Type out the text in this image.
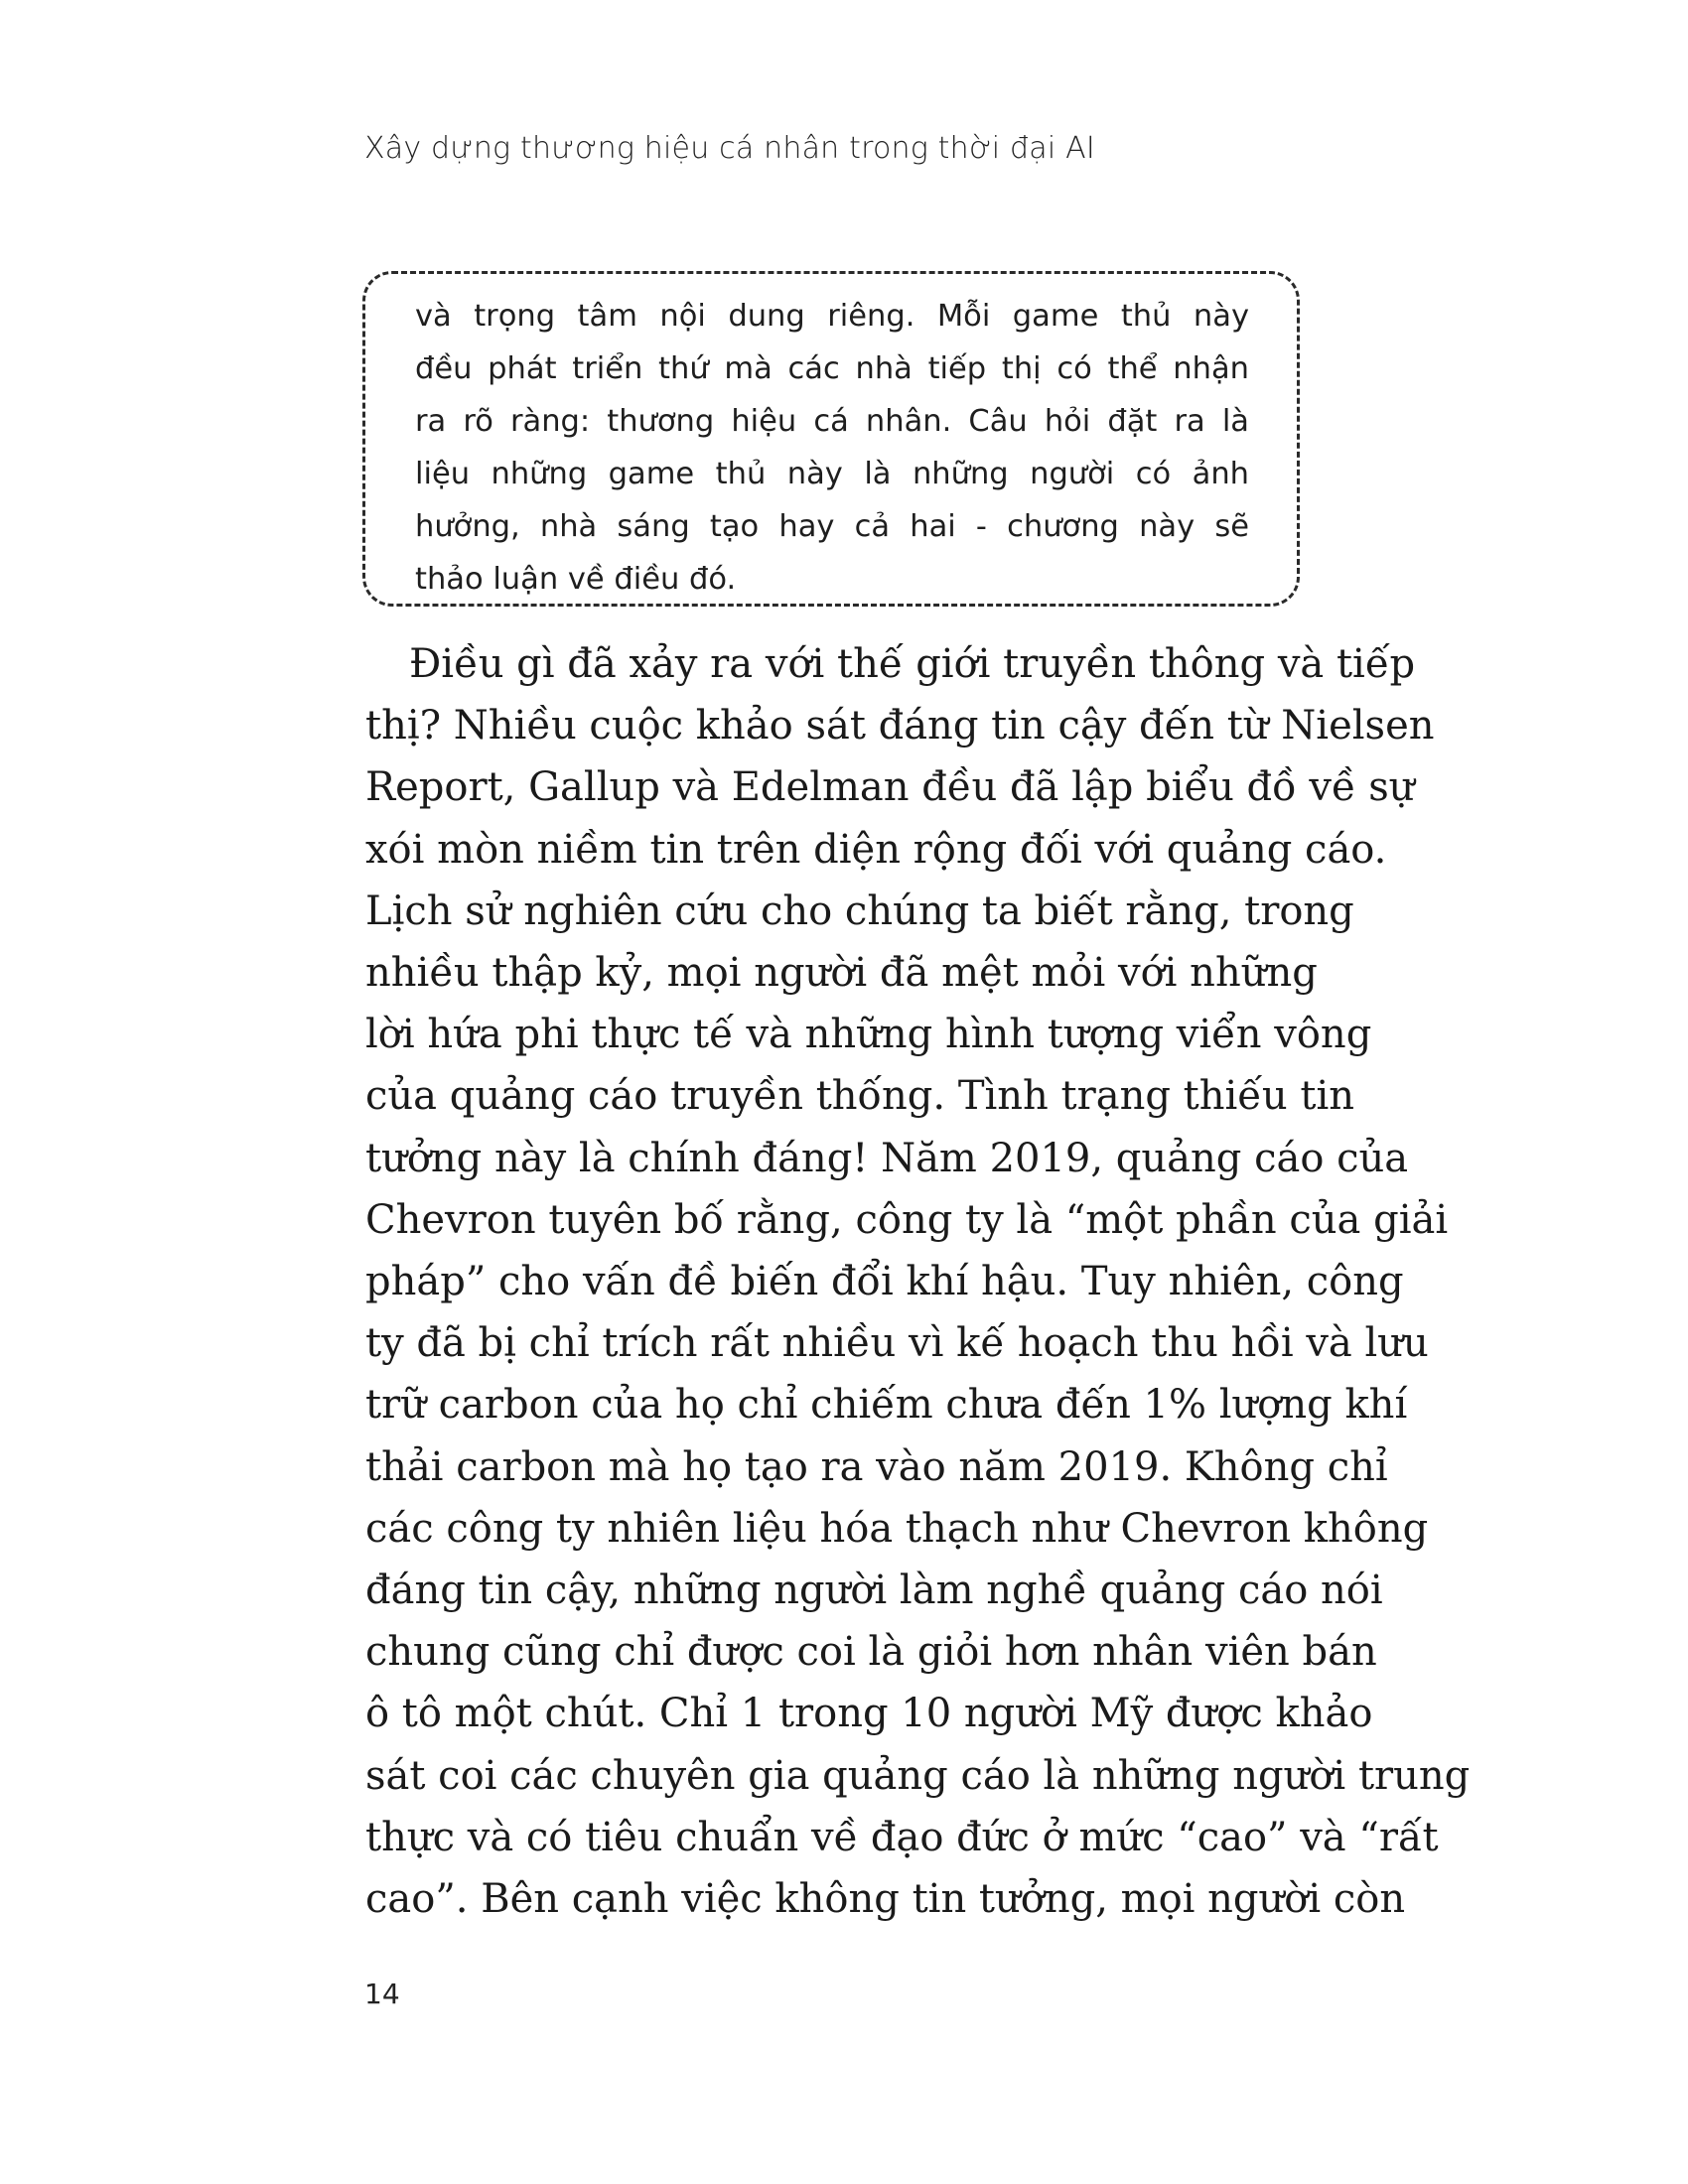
Xây dựng thương hiệu cá nhân trong thời đại AI
và trọng tâm nội dung riêng. Mỗi game thủ này
đều phát triển thứ mà các nhà tiếp thị có thể nhận
ra rõ ràng: thương hiệu cá nhân. Câu hỏi đặt ra là
liệu những game thủ này là những người có ảnh
hưởng, nhà sáng tạo hay cả hai - chương này sẽ
thảo luận về điều đó.
Điều gì đã xảy ra với thế giới truyền thông và tiếp
thị? Nhiều cuộc khảo sát đáng tin cậy đến từ Nielsen
Report, Gallup và Edelman đều đã lập biểu đồ về sự
xói mòn niềm tin trên diện rộng đối với quảng cáo.
Lịch sử nghiên cứu cho chúng ta biết rằng, trong
nhiều thập kỷ, mọi người đã mệt mỏi với những
lời hứa phi thực tế và những hình tượng viển vông
của quảng cáo truyền thống. Tình trạng thiếu tin
tưởng này là chính đáng! Năm 2019, quảng cáo của
Chevron tuyên bố rằng, công ty là “một phần của giải
pháp” cho vấn đề biến đổi khí hậu. Tuy nhiên, công
ty đã bị chỉ trích rất nhiều vì kế hoạch thu hồi và lưu
trữ carbon của họ chỉ chiếm chưa đến 1% lượng khí
thải carbon mà họ tạo ra vào năm 2019. Không chỉ
các công ty nhiên liệu hóa thạch như Chevron không
đáng tin cậy, những người làm nghề quảng cáo nói
chung cũng chỉ được coi là giỏi hơn nhân viên bán
ô tô một chút. Chỉ 1 trong 10 người Mỹ được khảo
sát coi các chuyên gia quảng cáo là những người trung
thực và có tiêu chuẩn về đạo đức ở mức “cao” và “rất
cao”. Bên cạnh việc không tin tưởng, mọi người còn
14
